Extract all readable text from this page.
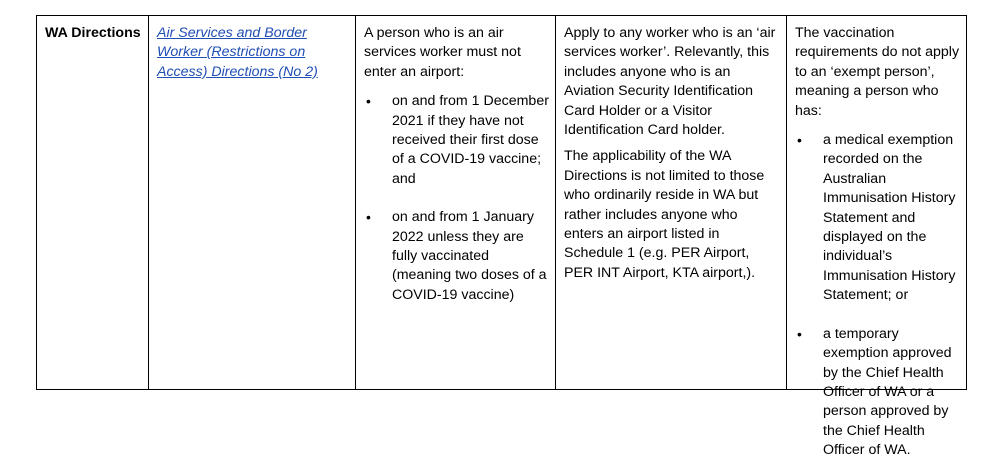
WA Directions	Air Services and Border Worker (Restrictions on Access) Directions (No 2)

A person who is an air services worker must not enter an airport:

• on and from 1 December 2021 if they have not received their first dose of a COVID-19 vaccine; and
• on and from 1 January 2022 unless they are fully vaccinated (meaning two doses of a COVID-19 vaccine)

Apply to any worker who is an ‘air services worker’. Relevantly, this includes anyone who is an Aviation Security Identification Card Holder or a Visitor Identification Card holder.

The applicability of the WA Directions is not limited to those who ordinarily reside in WA but rather includes anyone who enters an airport listed in Schedule 1 (e.g. PER Airport, PER INT Airport, KTA airport,).

The vaccination requirements do not apply to an ‘exempt person’, meaning a person who has:

• a medical exemption recorded on the Australian Immunisation History Statement and displayed on the individual’s Immunisation History Statement; or
• a temporary exemption approved by the Chief Health Officer of WA or a person approved by the Chief Health Officer of WA.
